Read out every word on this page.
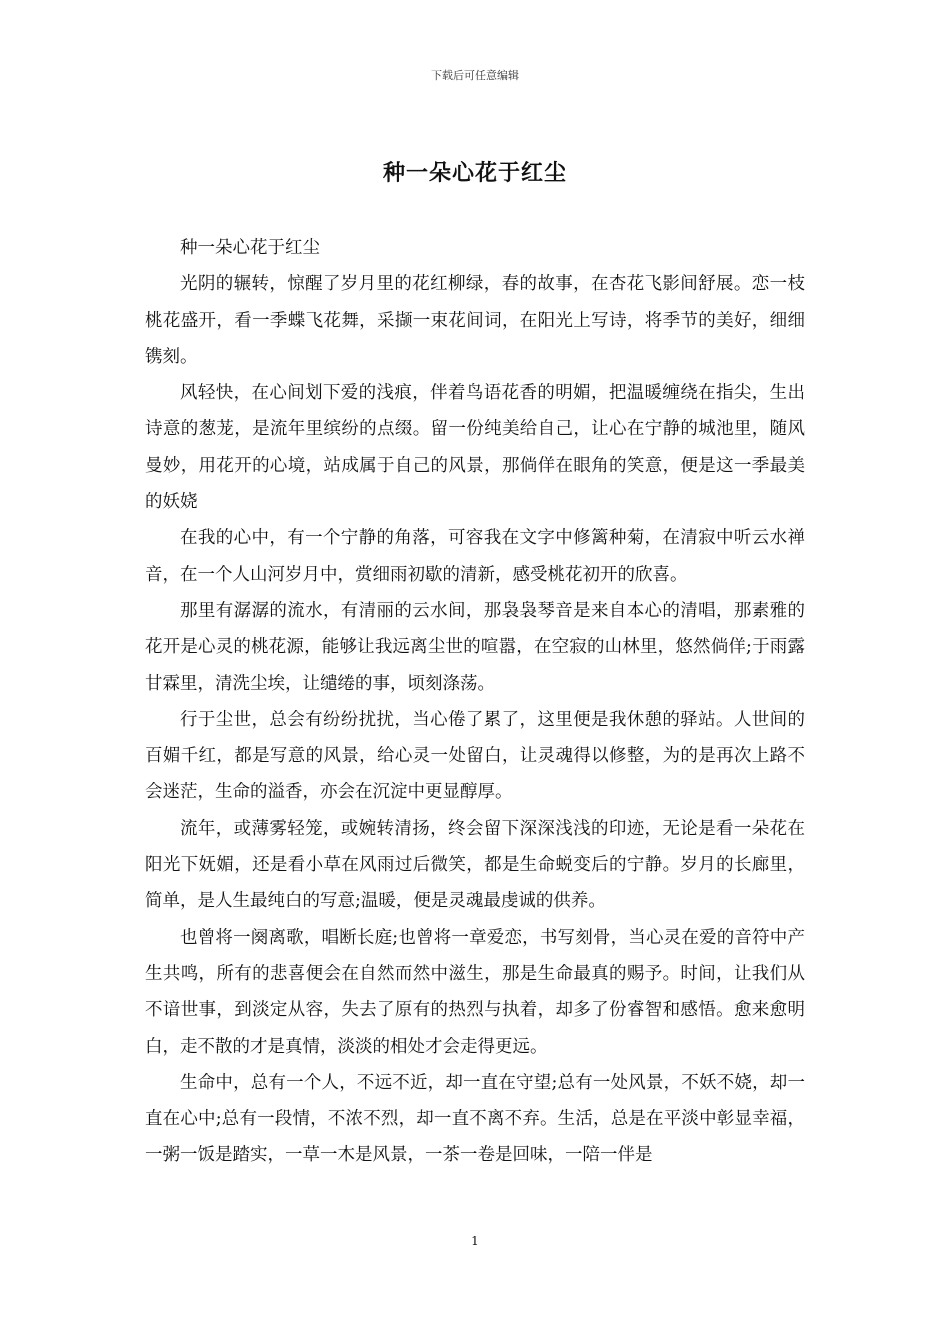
下载后可任意编辑
种一朵心花于红尘

种一朵心花于红尘

光阴的辗转，惊醒了岁月里的花红柳绿，春的故事，在杏花飞影间舒展。恋一枝桃花盛开，看一季蝶飞花舞，采撷一束花间词，在阳光上写诗，将季节的美好，细细镌刻。

风轻快，在心间划下爱的浅痕，伴着鸟语花香的明媚，把温暖缠绕在指尖，生出诗意的葱茏，是流年里缤纷的点缀。留一份纯美给自己，让心在宁静的城池里，随风曼妙，用花开的心境，站成属于自己的风景，那倘佯在眼角的笑意，便是这一季最美的妖娆

在我的心中，有一个宁静的角落，可容我在文字中修篱种菊，在清寂中听云水禅音，在一个人山河岁月中，赏细雨初歇的清新，感受桃花初开的欣喜。

那里有潺潺的流水，有清丽的云水间，那袅袅琴音是来自本心的清唱，那素雅的花开是心灵的桃花源，能够让我远离尘世的喧嚣，在空寂的山林里，悠然倘佯;于雨露甘霖里，清洗尘埃，让缱绻的事，顷刻涤荡。

行于尘世，总会有纷纷扰扰，当心倦了累了，这里便是我休憩的驿站。人世间的百媚千红，都是写意的风景，给心灵一处留白，让灵魂得以修整，为的是再次上路不会迷茫，生命的溢香，亦会在沉淀中更显醇厚。

流年，或薄雾轻笼，或婉转清扬，终会留下深深浅浅的印迹，无论是看一朵花在阳光下妩媚，还是看小草在风雨过后微笑，都是生命蜕变后的宁静。岁月的长廊里，简单，是人生最纯白的写意;温暖，便是灵魂最虔诚的供养。

也曾将一阕离歌，唱断长庭;也曾将一章爱恋，书写刻骨，当心灵在爱的音符中产生共鸣，所有的悲喜便会在自然而然中滋生，那是生命最真的赐予。时间，让我们从不谙世事，到淡定从容，失去了原有的热烈与执着，却多了份睿智和感悟。愈来愈明白，走不散的才是真情，淡淡的相处才会走得更远。

生命中，总有一个人，不远不近，却一直在守望;总有一处风景，不妖不娆，却一直在心中;总有一段情，不浓不烈，却一直不离不弃。生活，总是在平淡中彰显幸福，一粥一饭是踏实，一草一木是风景，一茶一卷是回味，一陪一伴是

1
